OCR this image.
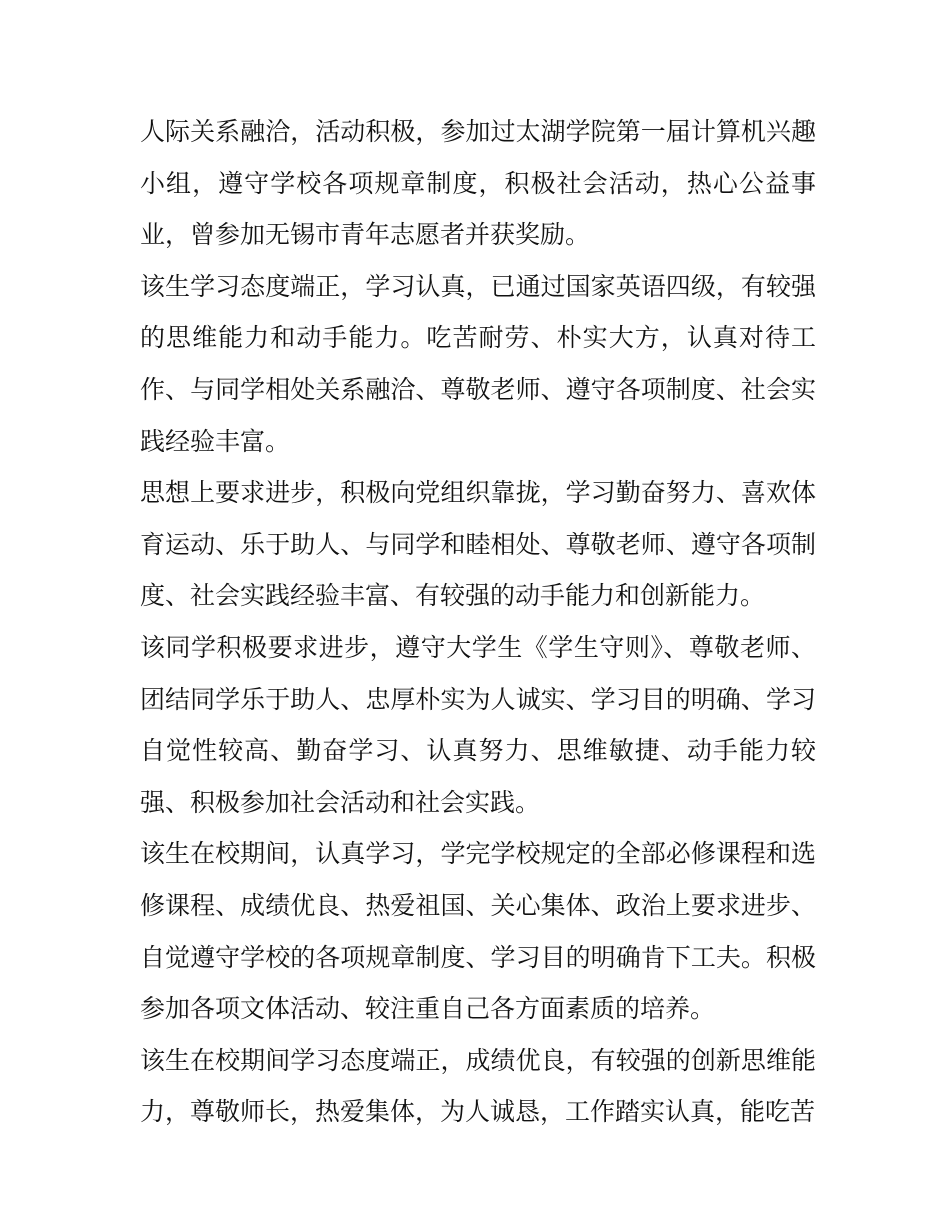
人际关系融洽，活动积极，参加过太湖学院第一届计算机兴趣小组，遵守学校各项规章制度，积极社会活动，热心公益事业，曾参加无锡市青年志愿者并获奖励。

该生学习态度端正，学习认真，已通过国家英语四级，有较强的思维能力和动手能力。吃苦耐劳、朴实大方，认真对待工作、与同学相处关系融洽、尊敬老师、遵守各项制度、社会实践经验丰富。

思想上要求进步，积极向党组织靠拢，学习勤奋努力、喜欢体育运动、乐于助人、与同学和睦相处、尊敬老师、遵守各项制度、社会实践经验丰富、有较强的动手能力和创新能力。

该同学积极要求进步，遵守大学生《学生守则》、尊敬老师、团结同学乐于助人、忠厚朴实为人诚实、学习目的明确、学习自觉性较高、勤奋学习、认真努力、思维敏捷、动手能力较强、积极参加社会活动和社会实践。

该生在校期间，认真学习，学完学校规定的全部必修课程和选修课程、成绩优良、热爱祖国、关心集体、政治上要求进步、自觉遵守学校的各项规章制度、学习目的明确肯下工夫。积极参加各项文体活动、较注重自己各方面素质的培养。

该生在校期间学习态度端正，成绩优良，有较强的创新思维能力，尊敬师长，热爱集体，为人诚恳，工作踏实认真，能吃苦
